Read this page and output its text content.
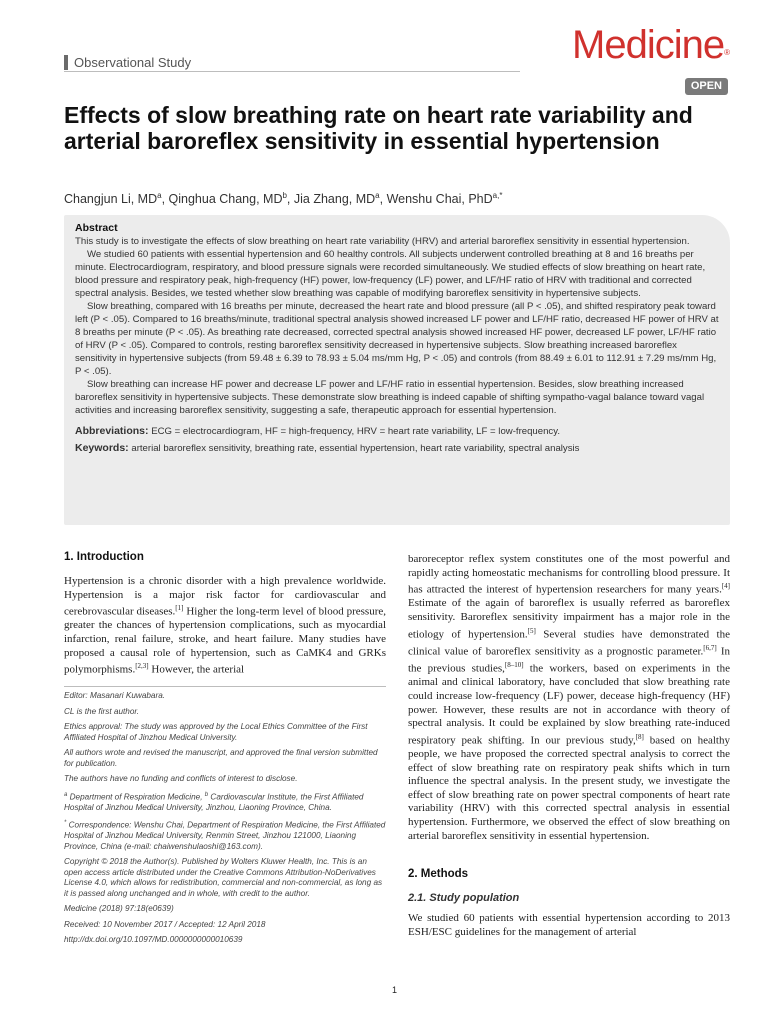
Observational Study	Medicine®
OPEN
Effects of slow breathing rate on heart rate variability and arterial baroreflex sensitivity in essential hypertension
Changjun Li, $MD^a$, Qinghua Chang, $MD^b$, Jia Zhang, $MD^a$, Wenshu Chai, PhD$^{a,*}$
Abstract

This study is to investigate the effects of slow breathing on heart rate variability (HRV) and arterial baroreflex sensitivity in essential hypertension.

We studied 60 patients with essential hypertension and 60 healthy controls. All subjects underwent controlled breathing at 8 and 16 breaths per minute. Electrocardiogram, respiratory, and blood pressure signals were recorded simultaneously. We studied effects of slow breathing on heart rate, blood pressure and respiratory peak, high-frequency (HF) power, low-frequency (LF) power, and LF/HF ratio of HRV with traditional and corrected spectral analysis. Besides, we tested whether slow breathing was capable of modifying baroreflex sensitivity in hypertensive subjects.

Slow breathing, compared with 16 breaths per minute, decreased the heart rate and blood pressure (all P < .05), and shifted respiratory peak toward left (P < .05). Compared to 16 breaths/minute, traditional spectral analysis showed increased LF power and LF/HF ratio, decreased HF power of HRV at 8 breaths per minute (P < .05). As breathing rate decreased, corrected spectral analysis showed increased HF power, decreased LF power, LF/HF ratio of HRV (P < .05). Compared to controls, resting baroreflex sensitivity decreased in hypertensive subjects. Slow breathing increased baroreflex sensitivity in hypertensive subjects (from 59.48 ± 6.39 to 78.93 ± 5.04 ms/mm Hg, P < .05) and controls (from 88.49 ± 6.01 to 112.91 ± 7.29 ms/mm Hg, P < .05).

Slow breathing can increase HF power and decrease LF power and LF/HF ratio in essential hypertension. Besides, slow breathing increased baroreflex sensitivity in hypertensive subjects. These demonstrate slow breathing is indeed capable of shifting sympatho-vagal balance toward vagal activities and increasing baroreflex sensitivity, suggesting a safe, therapeutic approach for essential hypertension.

Abbreviations: ECG = electrocardiogram, HF = high-frequency, HRV = heart rate variability, LF = low-frequency.

Keywords: arterial baroreflex sensitivity, breathing rate, essential hypertension, heart rate variability, spectral analysis

1. Introduction

Hypertension is a chronic disorder with a high prevalence worldwide. Hypertension is a major risk factor for cardiovascular and cerebrovascular diseases.[1] Higher the long-term level of blood pressure, greater the chances of hypertension complications, such as myocardial infarction, renal failure, stroke, and heart failure. Many studies have proposed a causal role of hypertension, such as CaMK4 and GRKs polymorphisms.[2,3] However, the arterial

Editor: Masanari Kuwabara.

CL is the first author.

Ethics approval: The study was approved by the Local Ethics Committee of the First Affiliated Hospital of Jinzhou Medical University.

All authors wrote and revised the manuscript, and approved the final version submitted for publication.

The authors have no funding and conflicts of interest to disclose.

$^a$ Department of Respiration Medicine, $^b$ Cardiovascular Institute, the First Affiliated Hospital of Jinzhou Medical University, Jinzhou, Liaoning Province, China.

* Correspondence: Wenshu Chai, Department of Respiration Medicine, the First Affiliated Hospital of Jinzhou Medical University, Renmin Street, Jinzhou 121000, Liaoning Province, China (e-mail: chaiwenshulaoshi@163.com).

Copyright © 2018 the Author(s). Published by Wolters Kluwer Health, Inc. This is an open access article distributed under the Creative Commons Attribution-NoDerivatives License 4.0, which allows for redistribution, commercial and non-commercial, as long as it is passed along unchanged and in whole, with credit to the author.

Medicine (2018) 97:18(e0639)

Received: 10 November 2017 / Accepted: 12 April 2018

http://dx.doi.org/10.1097/MD.0000000000010639

baroreceptor reflex system constitutes one of the most powerful and rapidly acting homeostatic mechanisms for controlling blood pressure. It has attracted the interest of hypertension researchers for many years.[4] Estimate of the again of baroreflex is usually referred as baroreflex sensitivity. Baroreflex sensitivity impairment has a major role in the etiology of hypertension.[5] Several studies have demonstrated the clinical value of baroreflex sensitivity as a prognostic parameter.[6,7] In the previous studies,[8–10] the workers, based on experiments in the animal and clinical laboratory, have concluded that slow breathing rate could increase low-frequency (LF) power, decease high-frequency (HF) power. However, these results are not in accordance with theory of spectral analysis. It could be explained by slow breathing rate-induced respiratory peak shifting. In our previous study,[8] based on healthy people, we have proposed the corrected spectral analysis to correct the effect of slow breathing rate on respiratory peak shifts which in turn influence the spectral analysis. In the present study, we investigate the effect of slow breathing rate on power spectral components of heart rate variability (HRV) with this corrected spectral analysis in essential hypertension. Furthermore, we observed the effect of slow breathing on arterial baroreflex sensitivity in essential hypertension.

2. Methods
2.1. Study population

We studied 60 patients with essential hypertension according to 2013 ESH/ESC guidelines for the management of arterial

1
